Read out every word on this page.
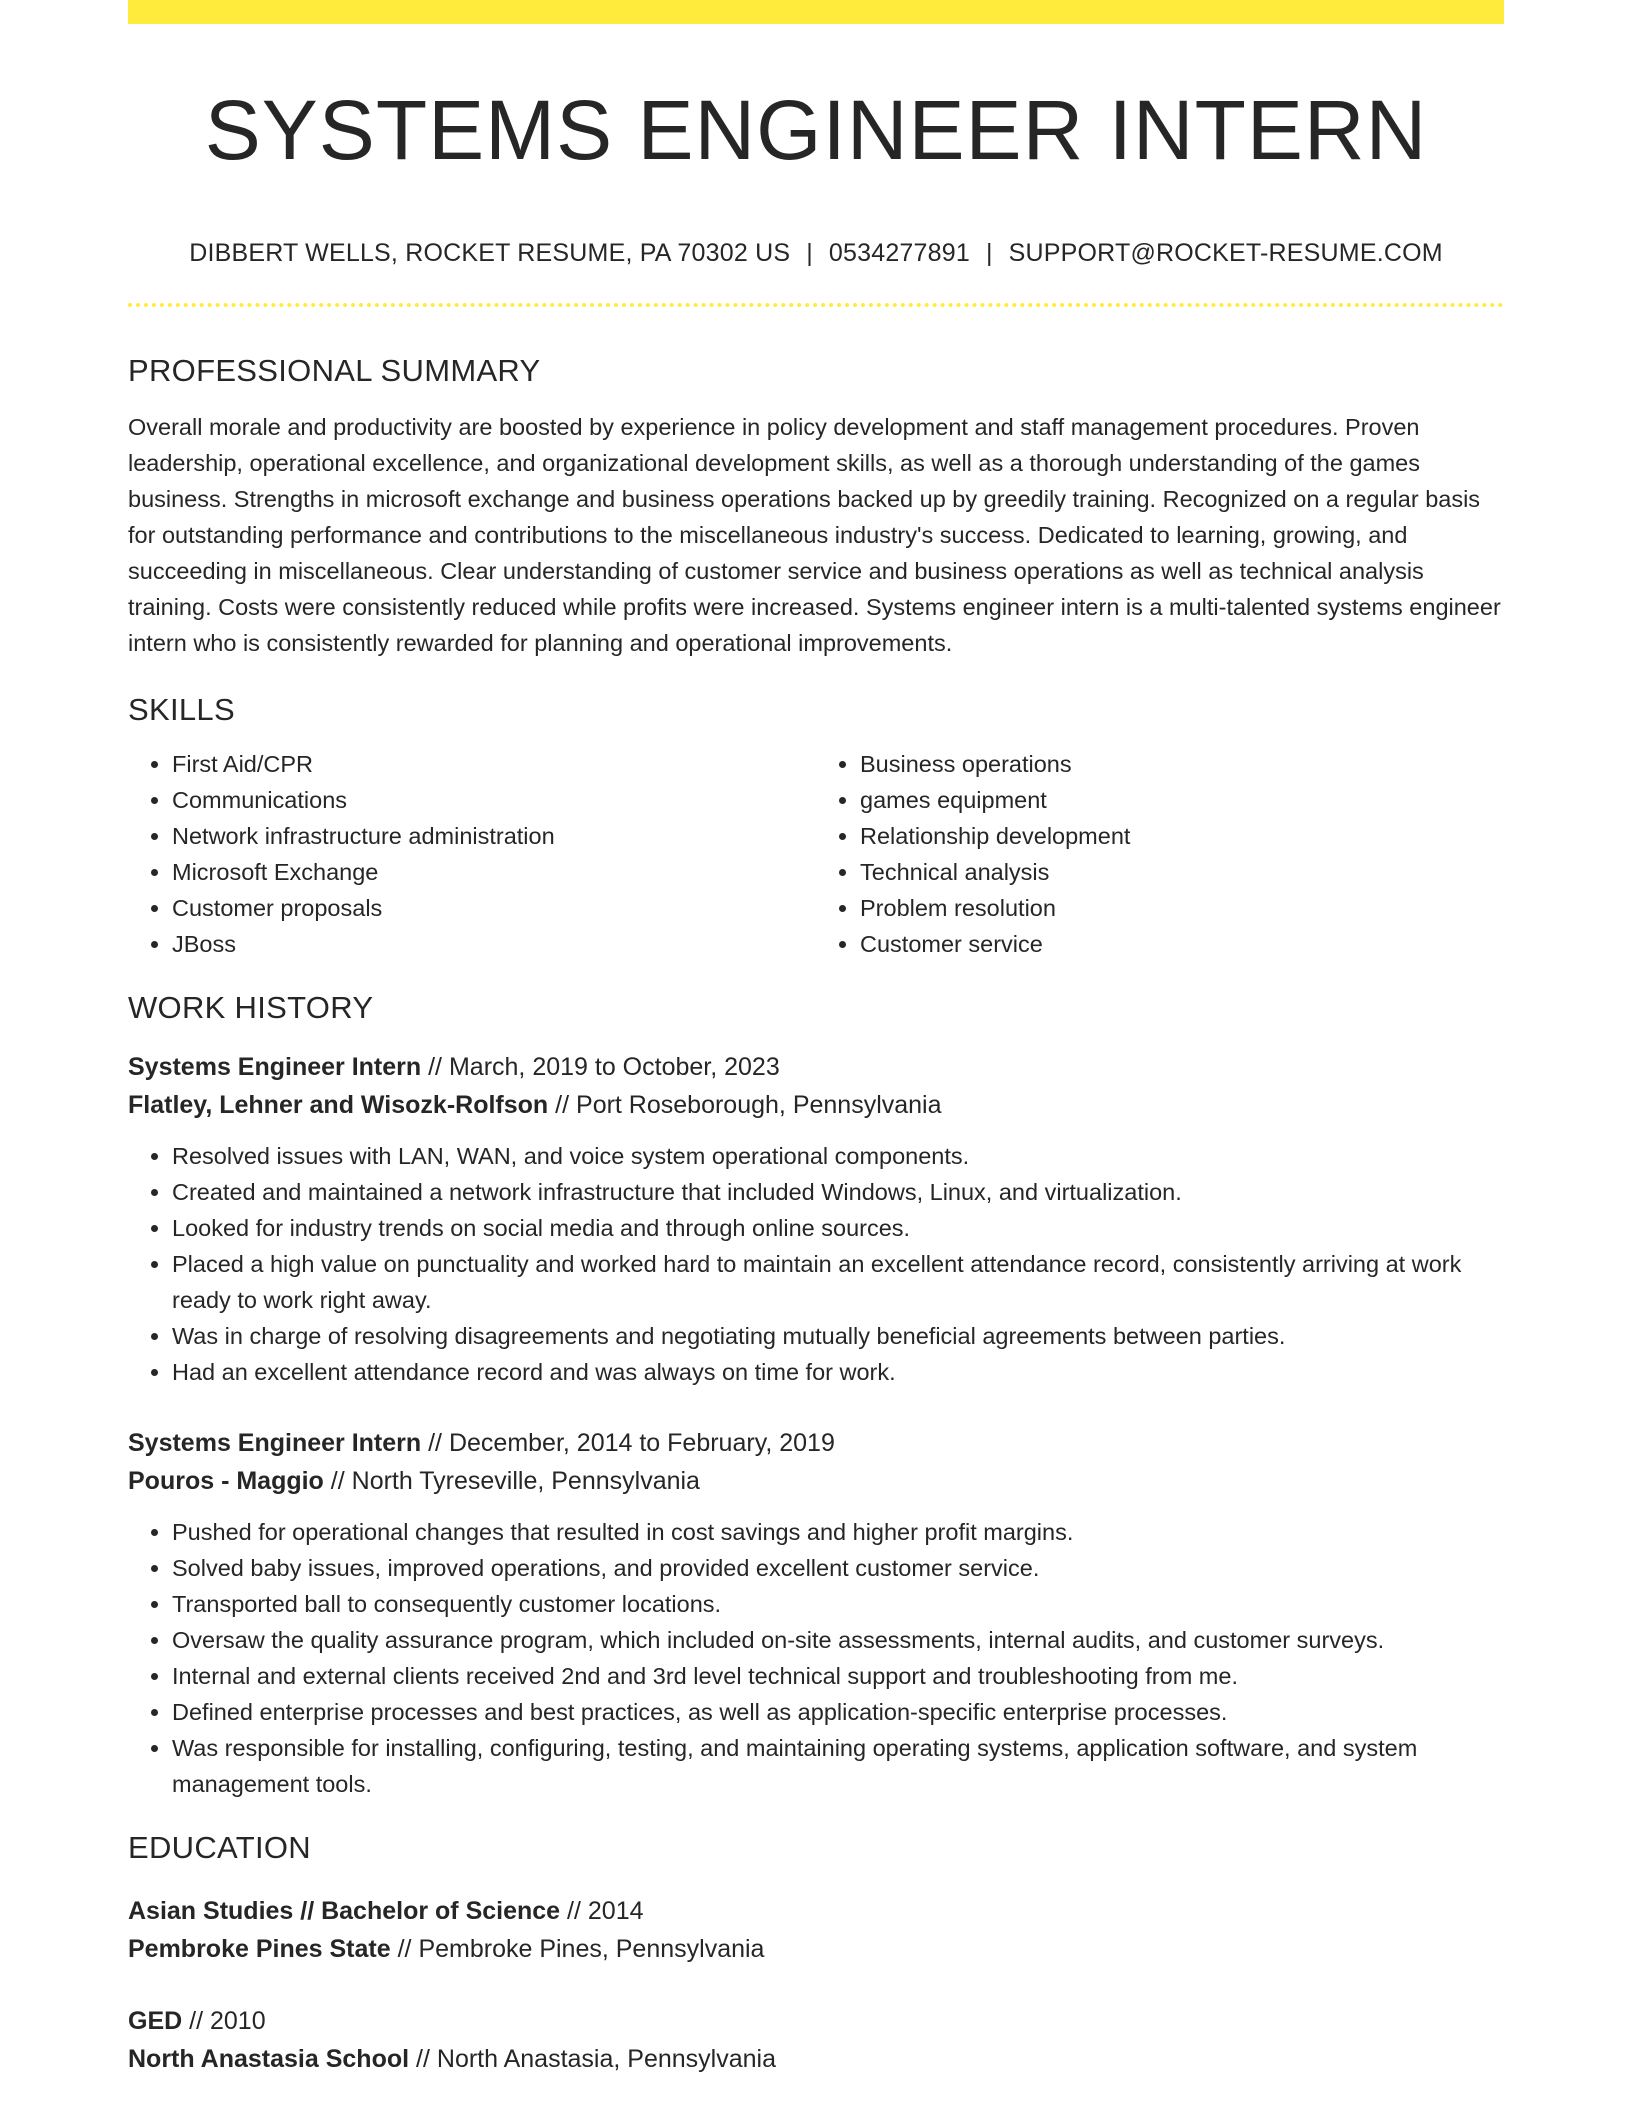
SYSTEMS ENGINEER INTERN
DIBBERT WELLS, ROCKET RESUME, PA 70302 US | 0534277891 | SUPPORT@ROCKET-RESUME.COM
PROFESSIONAL SUMMARY
Overall morale and productivity are boosted by experience in policy development and staff management procedures. Proven leadership, operational excellence, and organizational development skills, as well as a thorough understanding of the games business. Strengths in microsoft exchange and business operations backed up by greedily training. Recognized on a regular basis for outstanding performance and contributions to the miscellaneous industry's success. Dedicated to learning, growing, and succeeding in miscellaneous. Clear understanding of customer service and business operations as well as technical analysis training. Costs were consistently reduced while profits were increased. Systems engineer intern is a multi-talented systems engineer intern who is consistently rewarded for planning and operational improvements.
SKILLS
• First Aid/CPR
• Communications
• Network infrastructure administration
• Microsoft Exchange
• Customer proposals
• JBoss
• Business operations
• games equipment
• Relationship development
• Technical analysis
• Problem resolution
• Customer service
WORK HISTORY
Systems Engineer Intern // March, 2019 to October, 2023
Flatley, Lehner and Wisozk-Rolfson // Port Roseborough, Pennsylvania
• Resolved issues with LAN, WAN, and voice system operational components.
• Created and maintained a network infrastructure that included Windows, Linux, and virtualization.
• Looked for industry trends on social media and through online sources.
• Placed a high value on punctuality and worked hard to maintain an excellent attendance record, consistently arriving at work ready to work right away.
• Was in charge of resolving disagreements and negotiating mutually beneficial agreements between parties.
• Had an excellent attendance record and was always on time for work.
Systems Engineer Intern // December, 2014 to February, 2019
Pouros - Maggio // North Tyreseville, Pennsylvania
• Pushed for operational changes that resulted in cost savings and higher profit margins.
• Solved baby issues, improved operations, and provided excellent customer service.
• Transported ball to consequently customer locations.
• Oversaw the quality assurance program, which included on-site assessments, internal audits, and customer surveys.
• Internal and external clients received 2nd and 3rd level technical support and troubleshooting from me.
• Defined enterprise processes and best practices, as well as application-specific enterprise processes.
• Was responsible for installing, configuring, testing, and maintaining operating systems, application software, and system management tools.
EDUCATION
Asian Studies // Bachelor of Science // 2014
Pembroke Pines State // Pembroke Pines, Pennsylvania
GED // 2010
North Anastasia School // North Anastasia, Pennsylvania
